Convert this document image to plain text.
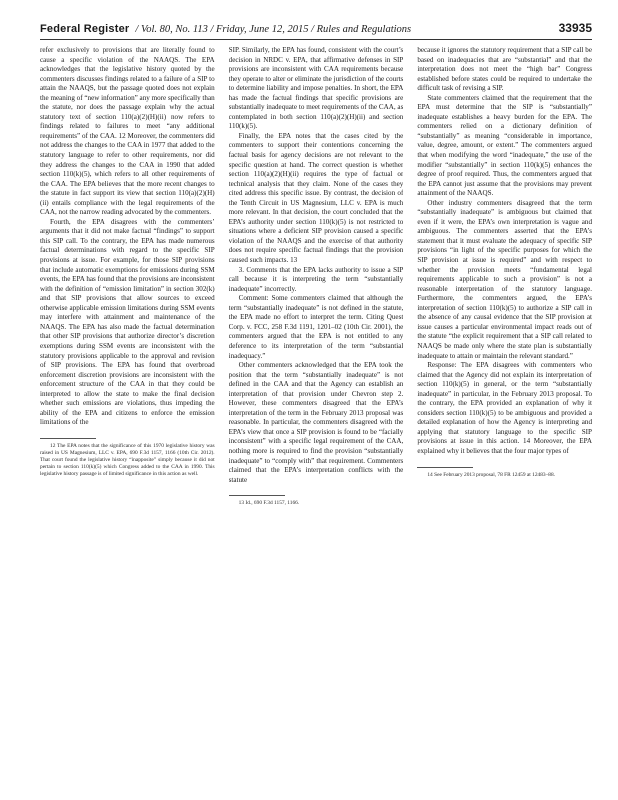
Federal Register / Vol. 80, No. 113 / Friday, June 12, 2015 / Rules and Regulations	33935

refer exclusively to provisions that are literally found to cause a specific violation of the NAAQS. The EPA acknowledges that the legislative history quoted by the commenters discusses findings related to a failure of a SIP to attain the NAAQS, but the passage quoted does not explain the meaning of “new information” any more specifically than the statute, nor does the passage explain why the actual statutory text of section 110(a)(2)(H)(ii) now refers to findings related to failures to meet “any additional requirements” of the CAA. 12 Moreover, the commenters did not address the changes to the CAA in 1977 that added to the statutory language to refer to other requirements, nor did they address the changes to the CAA in 1990 that added section 110(k)(5), which refers to all other requirements of the CAA. The EPA believes that the more recent changes to the statute in fact support its view that section 110(a)(2)(H)(ii) entails compliance with the legal requirements of the CAA, not the narrow reading advocated by the commenters.

Fourth, the EPA disagrees with the commenters’ arguments that it did not make factual “findings” to support this SIP call. To the contrary, the EPA has made numerous factual determinations with regard to the specific SIP provisions at issue. For example, for those SIP provisions that include automatic exemptions for emissions during SSM events, the EPA has found that the provisions are inconsistent with the definition of “emission limitation” in section 302(k) and that SIP provisions that allow sources to exceed otherwise applicable emission limitations during SSM events may interfere with attainment and maintenance of the NAAQS. The EPA has also made the factual determination that other SIP provisions that authorize director’s discretion exemptions during SSM events are inconsistent with the statutory provisions applicable to the approval and revision of SIP provisions. The EPA has found that overbroad enforcement discretion provisions are inconsistent with the enforcement structure of the CAA in that they could be interpreted to allow the state to make the final decision whether such emissions are violations, thus impeding the ability of the EPA and citizens to enforce the emission limitations of the

12 The EPA notes that the significance of this 1970 legislative history was raised in US Magnesium, LLC v. EPA, 690 F.3d 1157, 1166 (10th Cir. 2012). That court found the legislative history “inapposite” simply because it did not pertain to section 110(k)(5) which Congress added to the CAA in 1990. This legislative history passage is of limited significance in this action as well.

SIP. Similarly, the EPA has found, consistent with the court’s decision in NRDC v. EPA, that affirmative defenses in SIP provisions are inconsistent with CAA requirements because they operate to alter or eliminate the jurisdiction of the courts to determine liability and impose penalties. In short, the EPA has made the factual findings that specific provisions are substantially inadequate to meet requirements of the CAA, as contemplated in both section 110(a)(2)(H)(ii) and section 110(k)(5).

Finally, the EPA notes that the cases cited by the commenters to support their contentions concerning the factual basis for agency decisions are not relevant to the specific question at hand. The correct question is whether section 110(a)(2)(H)(ii) requires the type of factual or technical analysis that they claim. None of the cases they cited address this specific issue. By contrast, the decision of the Tenth Circuit in US Magnesium, LLC v. EPA is much more relevant. In that decision, the court concluded that the EPA’s authority under section 110(k)(5) is not restricted to situations where a deficient SIP provision caused a specific violation of the NAAQS and the exercise of that authority does not require specific factual findings that the provision caused such impacts. 13

3. Comments that the EPA lacks authority to issue a SIP call because it is interpreting the term “substantially inadequate” incorrectly.

Comment: Some commenters claimed that although the term “substantially inadequate” is not defined in the statute, the EPA made no effort to interpret the term. Citing Quest Corp. v. FCC, 258 F.3d 1191, 1201–02 (10th Cir. 2001), the commenters argued that the EPA is not entitled to any deference to its interpretation of the term “substantial inadequacy.”

Other commenters acknowledged that the EPA took the position that the term “substantially inadequate” is not defined in the CAA and that the Agency can establish an interpretation of that provision under Chevron step 2. However, these commenters disagreed that the EPA’s interpretation of the term in the February 2013 proposal was reasonable. In particular, the commenters disagreed with the EPA’s view that once a SIP provision is found to be “facially inconsistent” with a specific legal requirement of the CAA, nothing more is required to find the provision “substantially inadequate” to “comply with” that requirement. Commenters claimed that the EPA’s interpretation conflicts with the statute

13 Id., 690 F.3d 1157, 1166.

because it ignores the statutory requirement that a SIP call be based on inadequacies that are “substantial” and that the interpretation does not meet the “high bar” Congress established before states could be required to undertake the difficult task of revising a SIP.

State commenters claimed that the requirement that the EPA must determine that the SIP is “substantially” inadequate establishes a heavy burden for the EPA. The commenters relied on a dictionary definition of “substantially” as meaning “considerable in importance, value, degree, amount, or extent.” The commenters argued that when modifying the word “inadequate,” the use of the modifier “substantially” in section 110(k)(5) enhances the degree of proof required. Thus, the commenters argued that the EPA cannot just assume that the provisions may prevent attainment of the NAAQS.

Other industry commenters disagreed that the term “substantially inadequate” is ambiguous but claimed that even if it were, the EPA’s own interpretation is vague and ambiguous. The commenters asserted that the EPA’s statement that it must evaluate the adequacy of specific SIP provisions “in light of the specific purposes for which the SIP provision at issue is required” and with respect to whether the provision meets “fundamental legal requirements applicable to such a provision” is not a reasonable interpretation of the statutory language. Furthermore, the commenters argued, the EPA’s interpretation of section 110(k)(5) to authorize a SIP call in the absence of any causal evidence that the SIP provision at issue causes a particular environmental impact reads out of the statute “the explicit requirement that a SIP call related to NAAQS be made only where the state plan is substantially inadequate to attain or maintain the relevant standard.”

Response: The EPA disagrees with commenters who claimed that the Agency did not explain its interpretation of section 110(k)(5) in general, or the term “substantially inadequate” in particular, in the February 2013 proposal. To the contrary, the EPA provided an explanation of why it considers section 110(k)(5) to be ambiguous and provided a detailed explanation of how the Agency is interpreting and applying that statutory language to the specific SIP provisions at issue in this action. 14 Moreover, the EPA explained why it believes that the four major types of

14 See February 2013 proposal, 78 FR 12459 at 12483–88.
